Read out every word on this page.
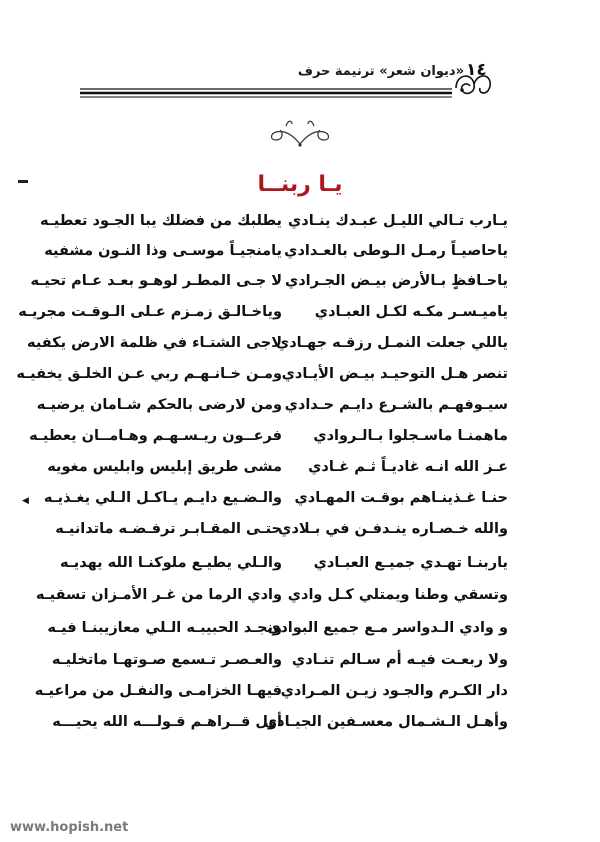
«ديوان شعر» ترنيمة حرف ١٤
يـا ربنــا
◀
يـارب تـالي الليـل عبـدك ينـادي
يطلبك من فضلك يبا الجـود تعطيـه
ياحاصيـاً رمـل الـوطى بالعـدادي
يامنجيـاً موسـى وذا النـون مشفيه
ياحـافظٍ بـالأرض بيـض الجـرادي
لا جـى المطـر لوهـو بعـد عـام تحيـه
ياميـسـر مكـه لكـل العبـادي
وياخـالـق زمـزم عـلى الـوقـت مجريـه
ياللي جعلت النمـل رزقـه جهـادي
لاجى الشتـاء في ظلمة الارض يكفيه
تنصر هـل التوحيـد بيـض الأيـادي
ومـن خـانـهـم ربي عـن الخلـق يخفيـه
سيـوفهـم بالشـرع دايـم حـدادي
ومن لارضى بالحكم شـامان يرضيـه
ماهمنـا ماسـجلوا بـالـروادي
فرعــون ريـسـهـم وهـامــان يعطيـه
عـز الله انـه غاديـاً ثـم غـادي
مشى طريق إبليس وابليس مغويه
حنـا غـذينـاهم بوقـت المهـادي
والـضـيع دايـم يـاكـل الـلي يغـذيـه
والله خـصـاره ينـدفـن في بـلادي
حتـى المقـابـر ترفـضـه ماتدانيـه
ياربنـا تهـدي جميـع العبـادي
والـلي يطيـع ملوكنـا الله يهديـه
وتسقي وطنا ويمتلي كـل وادي
وادي الرما من غـر الأمـزان تسقيـه
و وادي الـدواسر مـع جميع البوادي
ونجـد الحبيبـه الـلي معازيبنـا فيـه
ولا ربعـت فيـه أم سـالم تنـادي
والعـصـر تـسمع صـوتهـا ماتخليـه
دار الكـرم والجـود زيـن المـرادي
فيهـا الخزامـى والنفـل من مراعيـه
وأهـل الـشـمال معسـفين الجيـادي
أول قــراهـم قـولـــه الله يحيـــه
www.hopish.net
